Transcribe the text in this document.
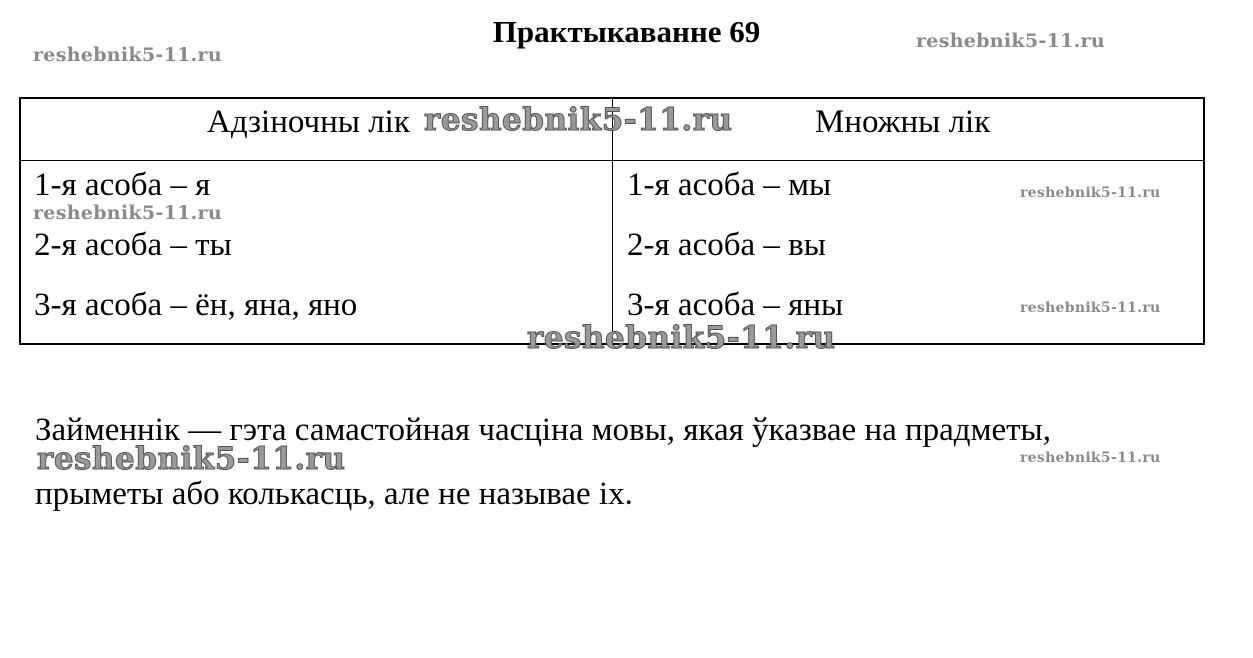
Практыкаванне 69
Адзіночны лік	Множны лік
1-я асоба – я
2-я асоба – ты
3-я асоба – ён, яна, яно
1-я асоба – мы
2-я асоба – вы
3-я асоба – яны
Займеннік — гэта самастойная часціна мовы, якая ўказвае на прадметы,
прыметы або колькасць, але не называе іх.
reshebnik5-11.ru
reshebnik5-11.ru
reshebnik5-11.ru
reshebnik5-11.ru
reshebnik5-11.ru
reshebnik5-11.ru
reshebnik5-11.ru
reshebnik5-11.ru	reshebnik5-11.ru
